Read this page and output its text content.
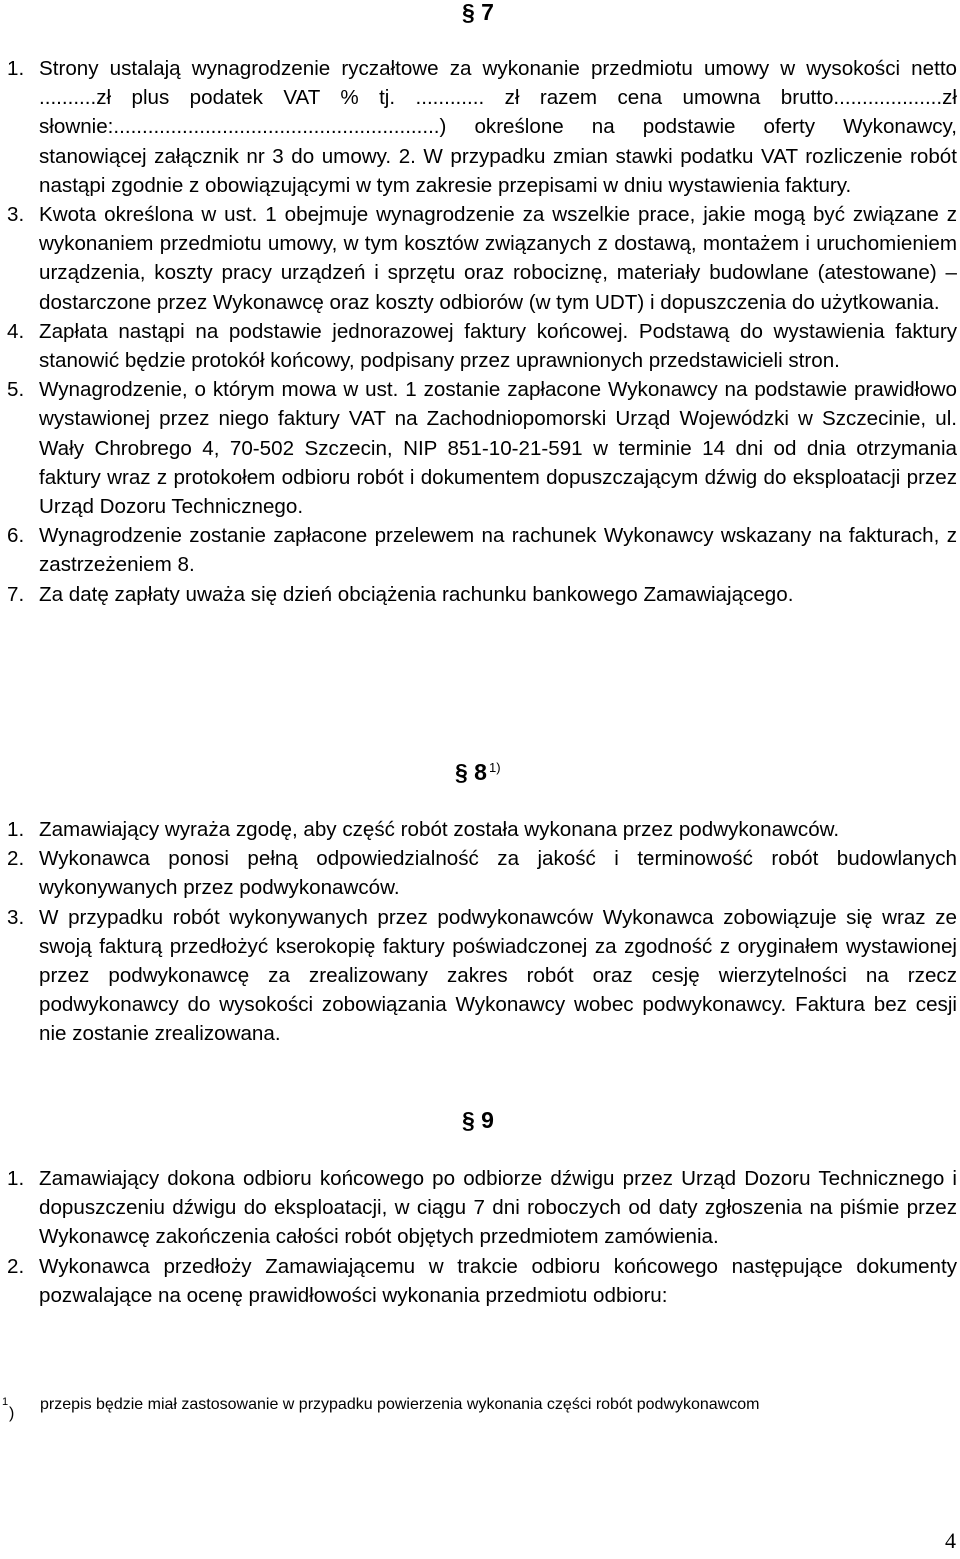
§ 7

1. Strony ustalają wynagrodzenie ryczałtowe za wykonanie przedmiotu umowy w wysokości netto ..........zł plus podatek VAT % tj. ............ zł razem cena umowna brutto...................zł słownie:.........................................................) określone na podstawie oferty Wykonawcy, stanowiącej załącznik nr 3 do umowy. 2. W przypadku zmian stawki podatku VAT rozliczenie robót nastąpi zgodnie z obowiązującymi w tym zakresie przepisami w dniu wystawienia faktury.

3. Kwota określona w ust. 1 obejmuje wynagrodzenie za wszelkie prace, jakie mogą być związane z wykonaniem przedmiotu umowy, w tym kosztów związanych z dostawą, montażem i uruchomieniem urządzenia, koszty pracy urządzeń i sprzętu oraz robociznę, materiały budowlane (atestowane) – dostarczone przez Wykonawcę oraz koszty odbiorów (w tym UDT) i dopuszczenia do użytkowania.

4. Zapłata nastąpi na podstawie jednorazowej faktury końcowej. Podstawą do wystawienia faktury stanowić będzie protokół końcowy, podpisany przez uprawnionych przedstawicieli stron.

5. Wynagrodzenie, o którym mowa w ust. 1 zostanie zapłacone Wykonawcy na podstawie prawidłowo wystawionej przez niego faktury VAT na Zachodniopomorski Urząd Wojewódzki w Szczecinie, ul. Wały Chrobrego 4, 70-502 Szczecin, NIP 851-10-21-591 w terminie 14 dni od dnia otrzymania faktury wraz z protokołem odbioru robót i dokumentem dopuszczającym dźwig do eksploatacji przez Urząd Dozoru Technicznego.

6. Wynagrodzenie zostanie zapłacone przelewem na rachunek Wykonawcy wskazany na fakturach, z zastrzeżeniem 8.

7. Za datę zapłaty uważa się dzień obciążenia rachunku bankowego Zamawiającego.

§ 8 $^{1)}$

1. Zamawiający wyraża zgodę, aby część robót została wykonana przez podwykonawców.

2. Wykonawca ponosi pełną odpowiedzialność za jakość i terminowość robót budowlanych wykonywanych przez podwykonawców.

3. W przypadku robót wykonywanych przez podwykonawców Wykonawca zobowiązuje się wraz ze swoją fakturą przedłożyć kserokopię faktury poświadczonej za zgodność z oryginałem wystawionej przez podwykonawcę za zrealizowany zakres robót oraz cesję wierzytelności na rzecz podwykonawcy do wysokości zobowiązania Wykonawcy wobec podwykonawcy. Faktura bez cesji nie zostanie zrealizowana.

§ 9

1. Zamawiający dokona odbioru końcowego po odbiorze dźwigu przez Urząd Dozoru Technicznego i dopuszczeniu dźwigu do eksploatacji, w ciągu 7 dni roboczych od daty zgłoszenia na piśmie przez Wykonawcę zakończenia całości robót objętych przedmiotem zamówienia.

2. Wykonawca przedłoży Zamawiającemu w trakcie odbioru końcowego następujące dokumenty pozwalające na ocenę prawidłowości wykonania przedmiotu odbioru:

1
)
przepis będzie miał zastosowanie w przypadku powierzenia wykonania części robót podwykonawcom

4
